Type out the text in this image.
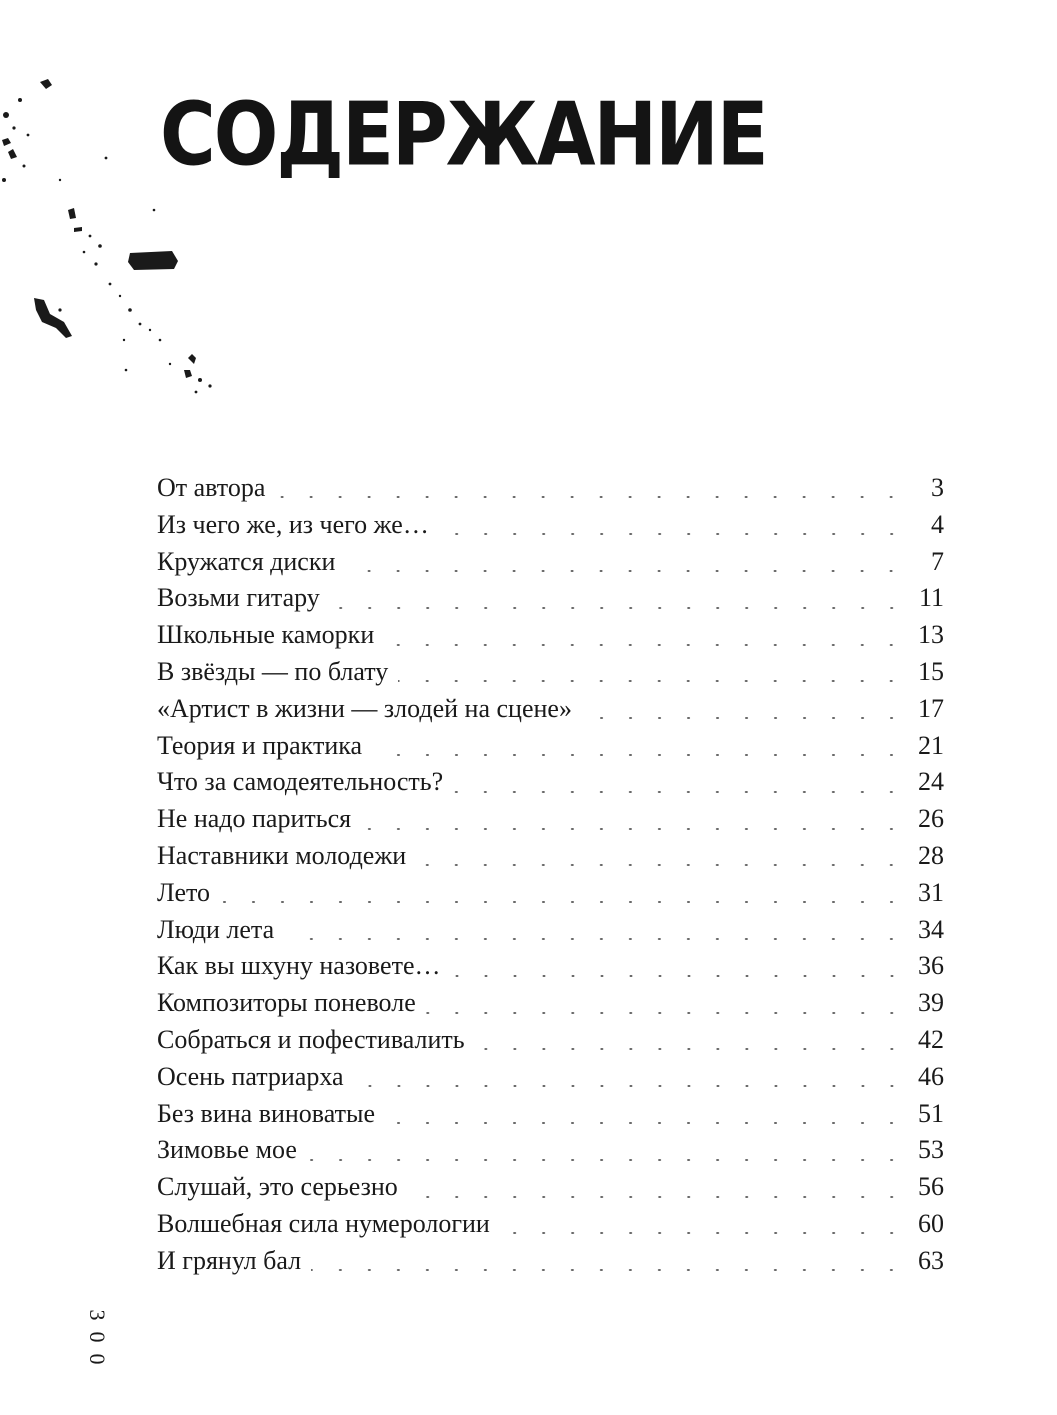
СОДЕРЖАНИЕ
От автора	3
Из чего же, из чего же…	4
Кружатся диски	7
Возьми гитару	11
Школьные каморки	13
В звёзды — по блату	15
«Артист в жизни — злодей на сцене»	17
Теория и практика	21
Что за самодеятельность?	24
Не надо париться	26
Наставники молодежи	28
Лето	31
Люди лета	34
Как вы шхуну назовете…	36
Композиторы поневоле	39
Собраться и пофестивалить	42
Осень патриарха	46
Без вина виноватые	51
Зимовье мое	53
Слушай, это серьезно	56
Волшебная сила нумерологии	60
И грянул бал	63
3
0
0
